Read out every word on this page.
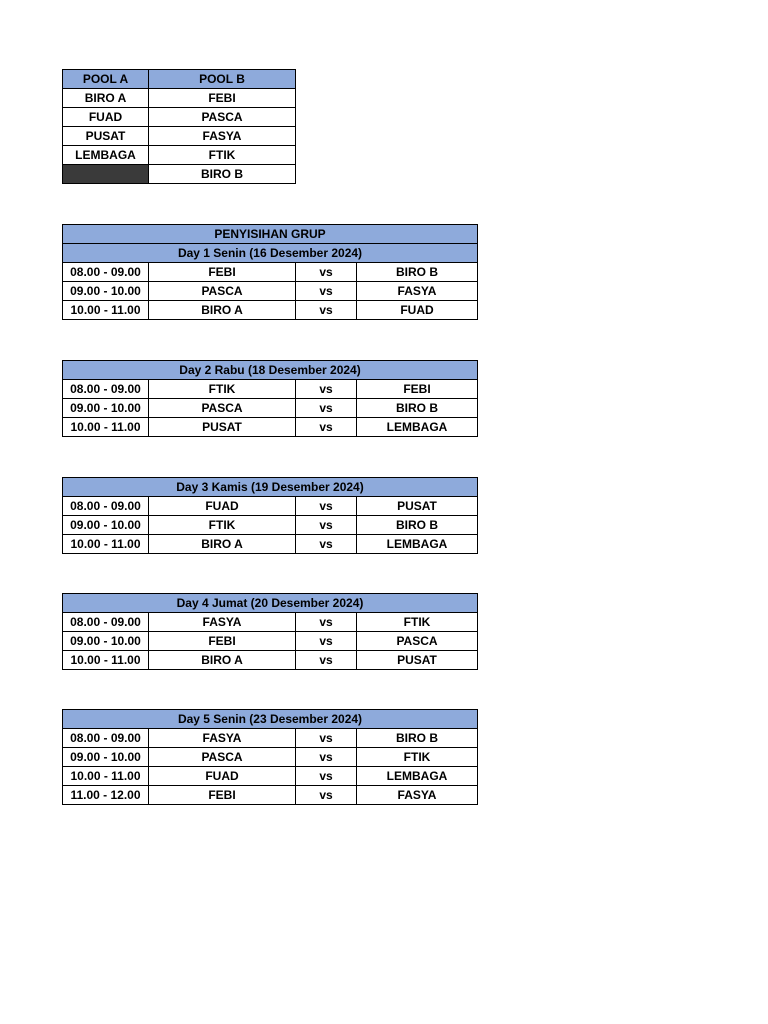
POOL A	POOL B
BIRO A	FEBI
FUAD	PASCA
PUSAT	FASYA
LEMBAGA	FTIK
	BIRO B
PENYISIHAN GRUP			
Day 1 Senin (16 Desember 2024)			
08.00 - 09.00	FEBI	vs	BIRO B
09.00 - 10.00	PASCA	vs	FASYA
10.00 - 11.00	BIRO A	vs	FUAD
Day 2 Rabu (18 Desember 2024)			
08.00 - 09.00	FTIK	vs	FEBI
09.00 - 10.00	PASCA	vs	BIRO B
10.00 - 11.00	PUSAT	vs	LEMBAGA
Day 3 Kamis (19 Desember 2024)			
08.00 - 09.00	FUAD	vs	PUSAT
09.00 - 10.00	FTIK	vs	BIRO B
10.00 - 11.00	BIRO A	vs	LEMBAGA
Day 4 Jumat (20 Desember 2024)			
08.00 - 09.00	FASYA	vs	FTIK
09.00 - 10.00	FEBI	vs	PASCA
10.00 - 11.00	BIRO A	vs	PUSAT
Day 5 Senin (23 Desember 2024)			
08.00 - 09.00	FASYA	vs	BIRO B
09.00 - 10.00	PASCA	vs	FTIK
10.00 - 11.00	FUAD	vs	LEMBAGA
11.00 - 12.00	FEBI	vs	FASYA
